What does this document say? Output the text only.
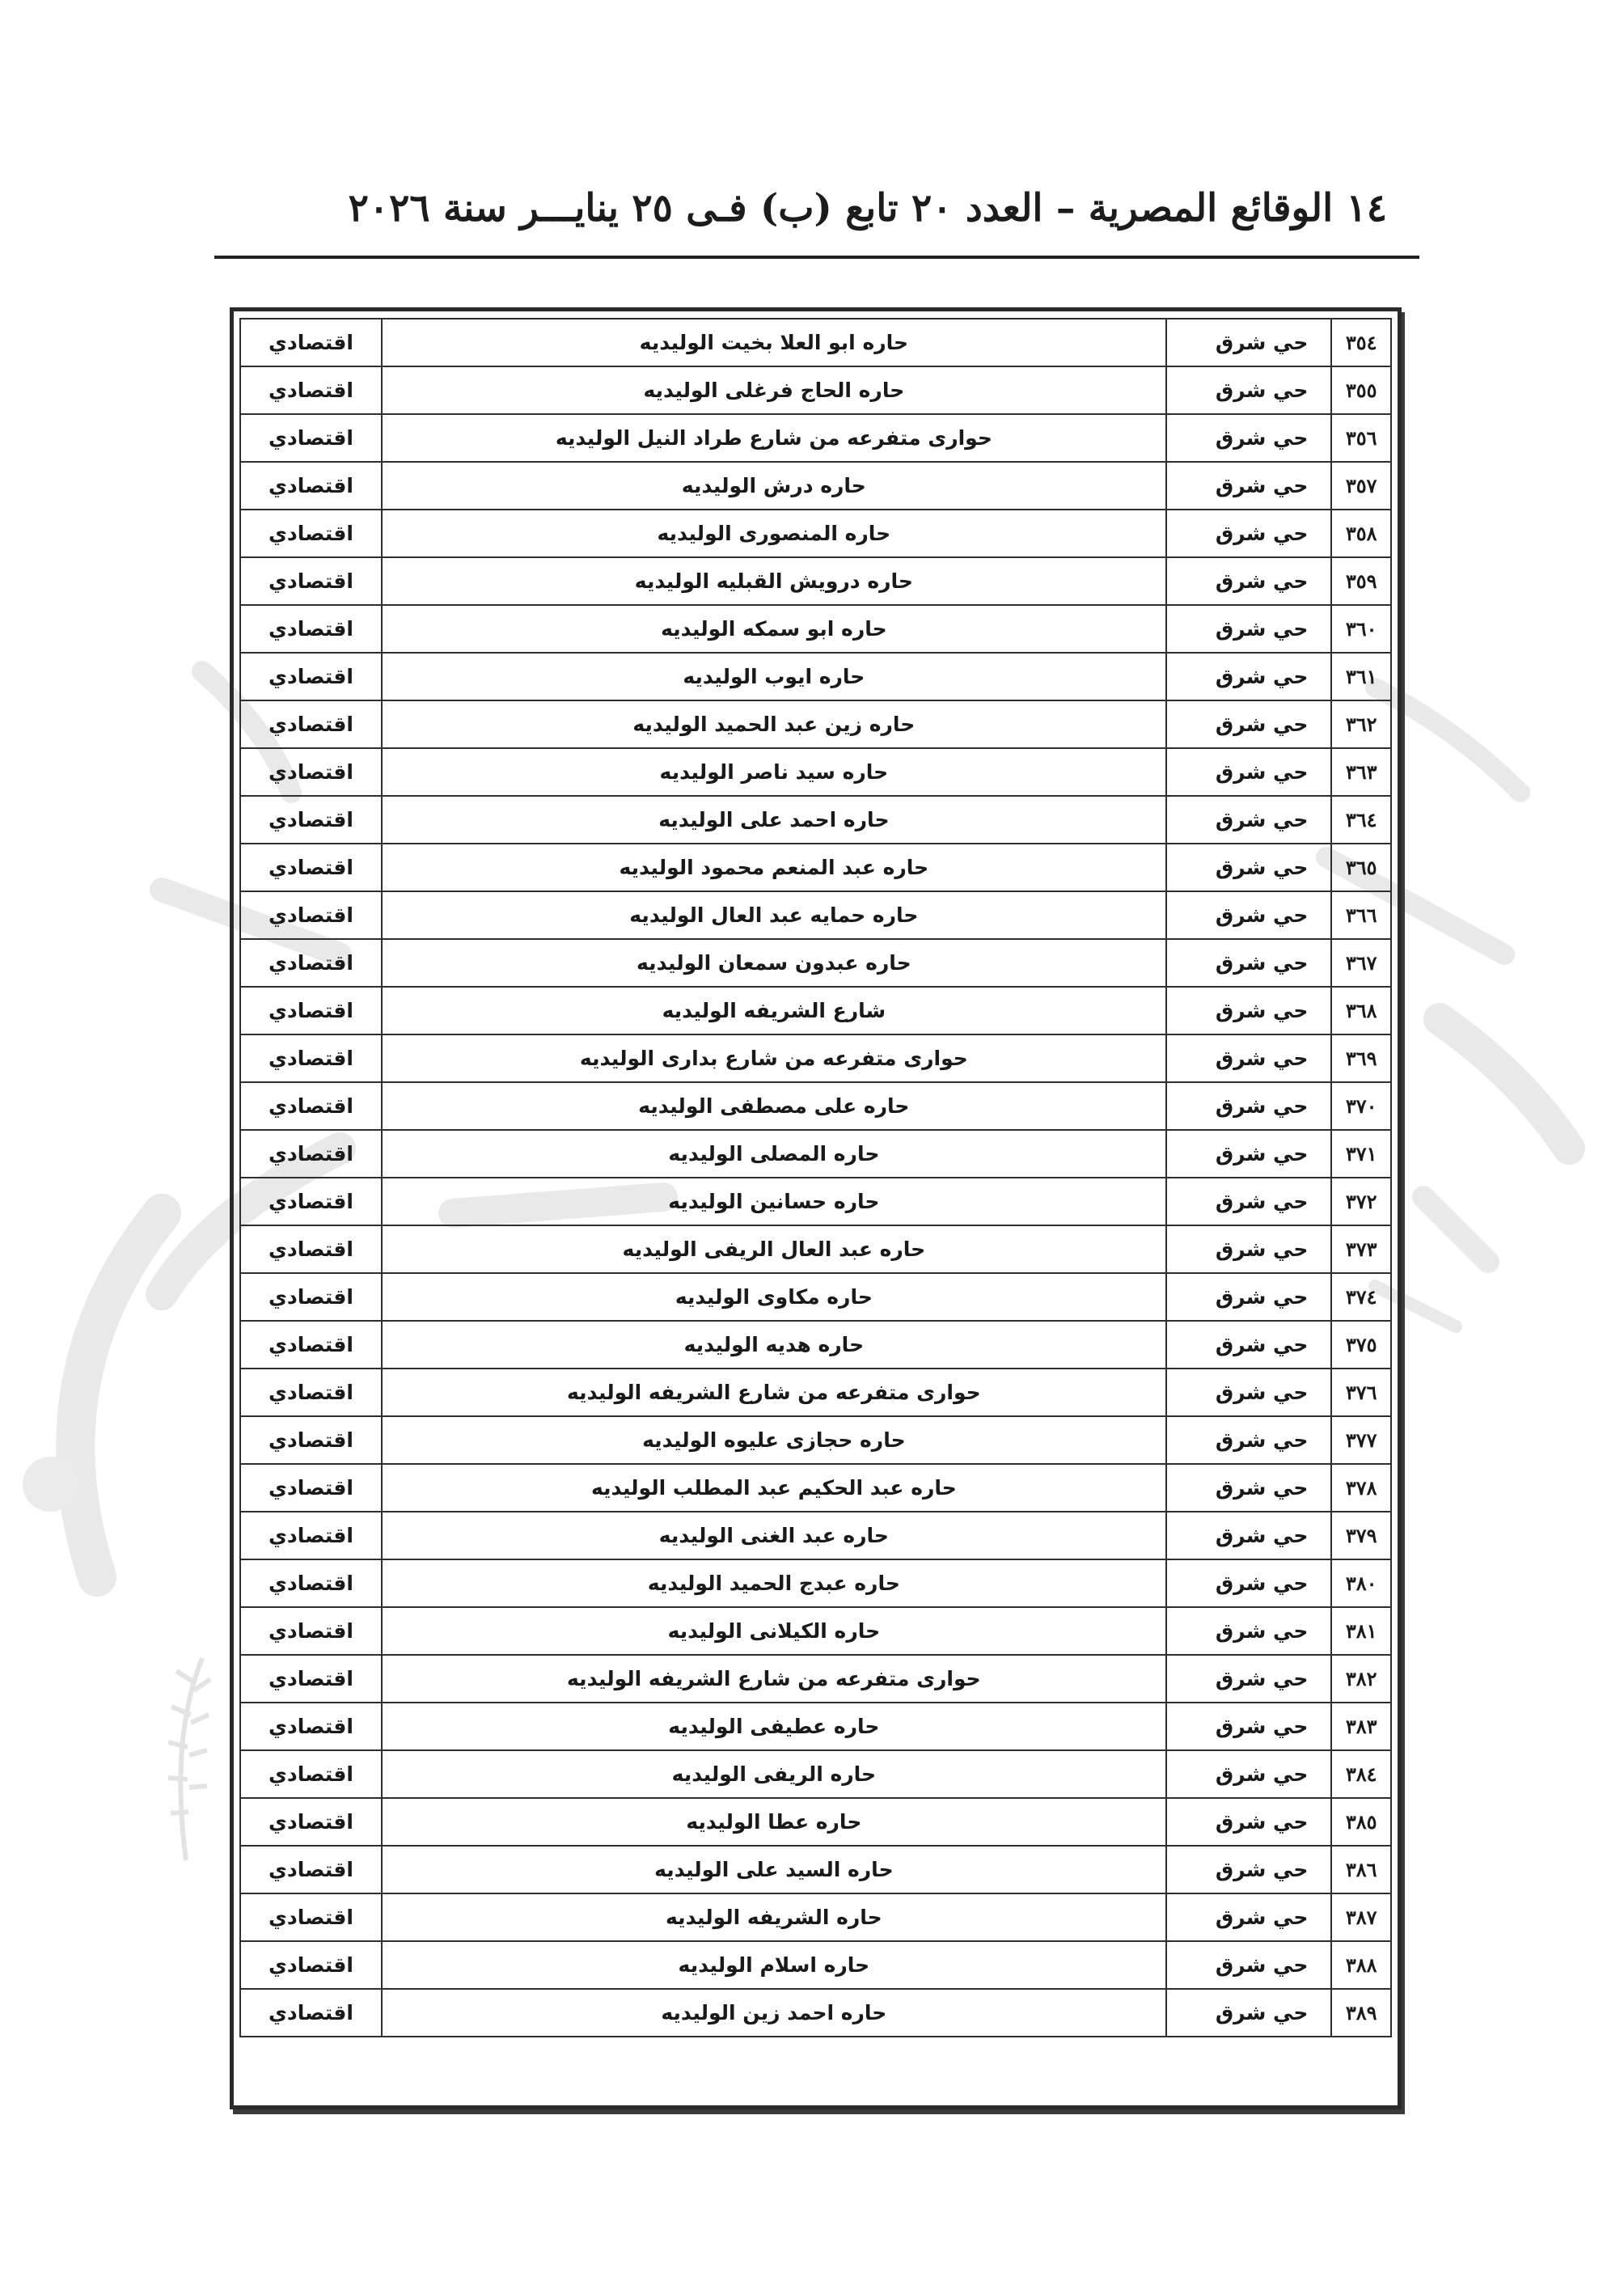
١٤ الوقائع المصرية – العدد ٢٠ تابع (ب) فـى ٢٥ ينايـــر سنة ٢٠٢٦
٣٥٤	حي شرق	حاره ابو العلا بخيت الوليديه	اقتصادي
٣٥٥	حي شرق	حاره الحاج فرغلى الوليديه	اقتصادي
٣٥٦	حي شرق	حوارى متفرعه من شارع طراد النيل الوليديه	اقتصادي
٣٥٧	حي شرق	حاره درش الوليديه	اقتصادي
٣٥٨	حي شرق	حاره المنصورى الوليديه	اقتصادي
٣٥٩	حي شرق	حاره درويش القبليه الوليديه	اقتصادي
٣٦٠	حي شرق	حاره ابو سمكه الوليديه	اقتصادي
٣٦١	حي شرق	حاره ايوب الوليديه	اقتصادي
٣٦٢	حي شرق	حاره زين عبد الحميد الوليديه	اقتصادي
٣٦٣	حي شرق	حاره سيد ناصر الوليديه	اقتصادي
٣٦٤	حي شرق	حاره احمد على الوليديه	اقتصادي
٣٦٥	حي شرق	حاره عبد المنعم محمود الوليديه	اقتصادي
٣٦٦	حي شرق	حاره حمايه عبد العال الوليديه	اقتصادي
٣٦٧	حي شرق	حاره عبدون سمعان الوليديه	اقتصادي
٣٦٨	حي شرق	شارع الشريفه الوليديه	اقتصادي
٣٦٩	حي شرق	حوارى متفرعه من شارع بدارى الوليديه	اقتصادي
٣٧٠	حي شرق	حاره على مصطفى الوليديه	اقتصادي
٣٧١	حي شرق	حاره المصلى الوليديه	اقتصادي
٣٧٢	حي شرق	حاره حسانين الوليديه	اقتصادي
٣٧٣	حي شرق	حاره عبد العال الريفى الوليديه	اقتصادي
٣٧٤	حي شرق	حاره مكاوى الوليديه	اقتصادي
٣٧٥	حي شرق	حاره هديه الوليديه	اقتصادي
٣٧٦	حي شرق	حوارى متفرعه من شارع الشريفه الوليديه	اقتصادي
٣٧٧	حي شرق	حاره حجازى عليوه الوليديه	اقتصادي
٣٧٨	حي شرق	حاره عبد الحكيم عبد المطلب الوليديه	اقتصادي
٣٧٩	حي شرق	حاره عبد الغنى الوليديه	اقتصادي
٣٨٠	حي شرق	حاره عبدج الحميد الوليديه	اقتصادي
٣٨١	حي شرق	حاره الكيلانى الوليديه	اقتصادي
٣٨٢	حي شرق	حوارى متفرعه من شارع الشريفه الوليديه	اقتصادي
٣٨٣	حي شرق	حاره عطيفى الوليديه	اقتصادي
٣٨٤	حي شرق	حاره الريفى الوليديه	اقتصادي
٣٨٥	حي شرق	حاره عطا الوليديه	اقتصادي
٣٨٦	حي شرق	حاره السيد على الوليديه	اقتصادي
٣٨٧	حي شرق	حاره الشريفه الوليديه	اقتصادي
٣٨٨	حي شرق	حاره اسلام الوليديه	اقتصادي
٣٨٩	حي شرق	حاره احمد زين الوليديه	اقتصادي
